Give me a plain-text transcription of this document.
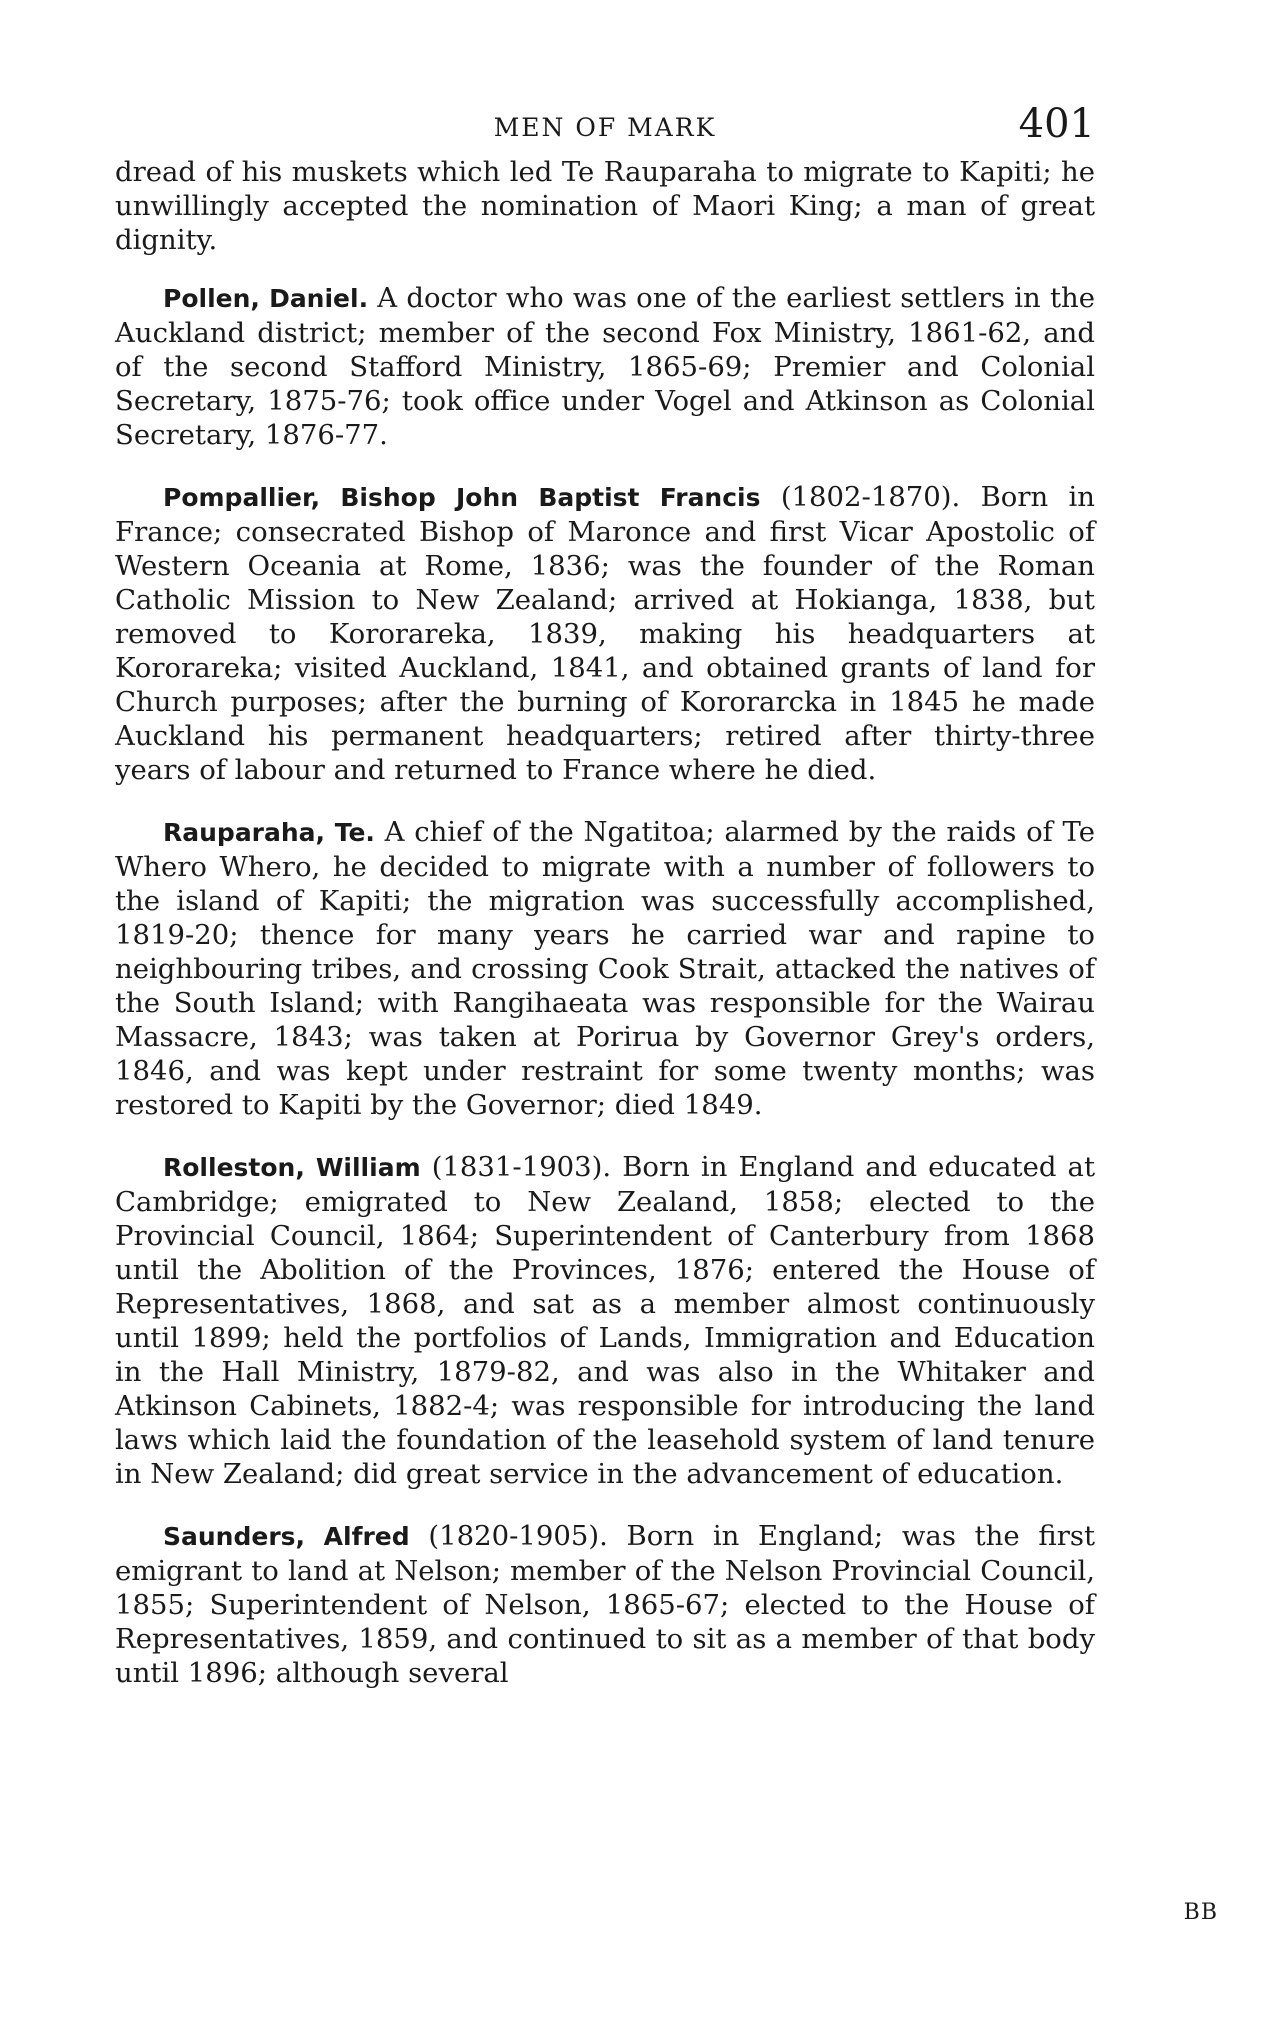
MEN OF MARK	401

dread of his muskets which led Te Rauparaha to migrate to Kapiti; he unwillingly accepted the nomination of Maori King; a man of great dignity.

Pollen, Daniel. A doctor who was one of the earliest settlers in the Auckland district; member of the second Fox Ministry, 1861-62, and of the second Stafford Ministry, 1865-69; Premier and Colonial Secretary, 1875-76; took office under Vogel and Atkinson as Colonial Secretary, 1876-77.

Pompallier, Bishop John Baptist Francis (1802-1870). Born in France; consecrated Bishop of Maronce and first Vicar Apostolic of Western Oceania at Rome, 1836; was the founder of the Roman Catholic Mission to New Zealand; arrived at Hokianga, 1838, but removed to Kororareka, 1839, making his headquarters at Kororareka; visited Auckland, 1841, and obtained grants of land for Church purposes; after the burning of Kororarcka in 1845 he made Auckland his permanent headquarters; retired after thirty-three years of labour and returned to France where he died.

Rauparaha, Te. A chief of the Ngatitoa; alarmed by the raids of Te Whero Whero, he decided to migrate with a number of followers to the island of Kapiti; the migration was successfully accomplished, 1819-20; thence for many years he carried war and rapine to neighbouring tribes, and crossing Cook Strait, attacked the natives of the South Island; with Rangihaeata was responsible for the Wairau Massacre, 1843; was taken at Porirua by Governor Grey's orders, 1846, and was kept under restraint for some twenty months; was restored to Kapiti by the Governor; died 1849.

Rolleston, William (1831-1903). Born in England and educated at Cambridge; emigrated to New Zealand, 1858; elected to the Provincial Council, 1864; Superintendent of Canterbury from 1868 until the Abolition of the Provinces, 1876; entered the House of Representatives, 1868, and sat as a member almost continuously until 1899; held the portfolios of Lands, Immigration and Education in the Hall Ministry, 1879-82, and was also in the Whitaker and Atkinson Cabinets, 1882-4; was responsible for introducing the land laws which laid the foundation of the leasehold system of land tenure in New Zealand; did great service in the advancement of education.

Saunders, Alfred (1820-1905). Born in England; was the first emigrant to land at Nelson; member of the Nelson Provincial Council, 1855; Superintendent of Nelson, 1865-67; elected to the House of Representatives, 1859, and continued to sit as a member of that body until 1896; although several

BB
